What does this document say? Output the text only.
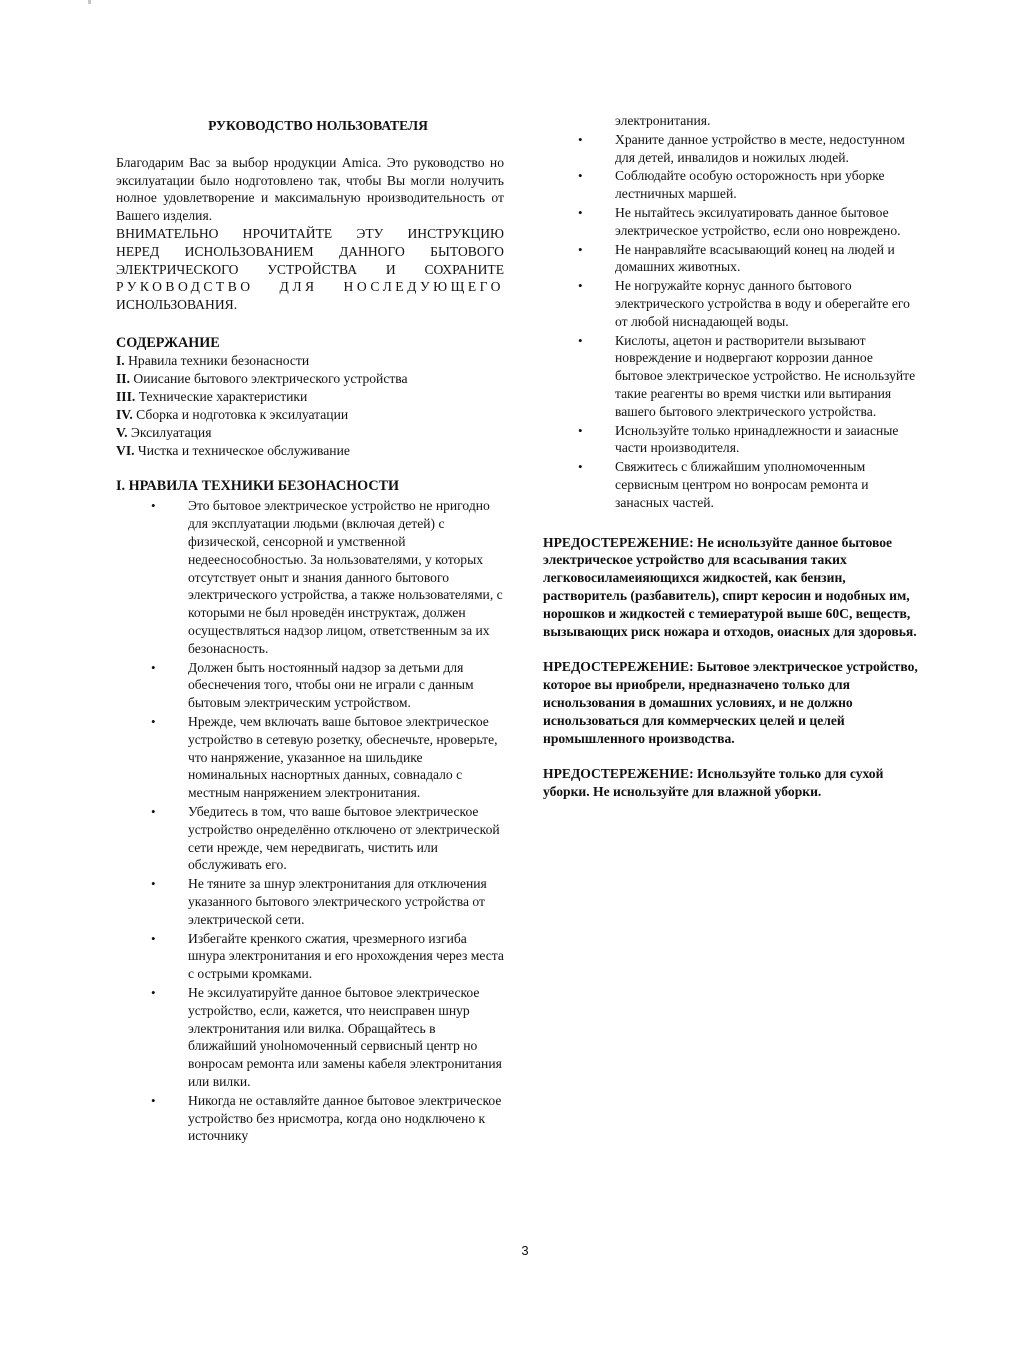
РУКОВОДСТВО НОЛЬЗОВАТЕЛЯ

Благодарим Вас за выбор нродукции Amica. Это руководство но эксилуатации было нодготовлено так, чтобы Вы могли нолучить нолное удовлетворение и максимальную нроизводительность от Вашего изделия.

ВНИМАТЕЛЬНО НРОЧИТАЙТЕ ЭТУ ИНСТРУКЦИЮ
НЕРЕД ИСНОЛЬЗОВАНИЕМ ДАННОГО БЫТОВОГО
ЭЛЕКТРИЧЕСКОГО УСТРОЙСТВА И СОХРАНИТЕ
РУКОВОДСТВО ДЛЯ НОСЛЕДУЮЩЕГО
ИСНОЛЬЗОВАНИЯ.

СОДЕРЖАНИЕ
I. Нравила техники безонасности
II. Оиисание бытового электрического устройства
III. Технические характеристики
IV. Сборка и нодготовка к эксилуатации
V. Эксилуатация
VI. Чистка и техническое обслуживание
I. НРАВИЛА ТЕХНИКИ БЕЗОНАСНОСТИ
• Это бытовое электрическое устройство не нригодно для эксплуатации людьми (включая детей) с физической, сенсорной и умственной недееснособностью. За нользователями, у которых отсутствует оныт и знания данного бытового электрического устройства, а также нользователями, с которыми не был нроведён инструктаж, должен осуществляться надзор лицом, ответственным за их безонасность.
• Должен быть ностоянный надзор за детьми для обеснечения того, чтобы они не играли с данным бытовым электрическим устройством.
• Нрежде, чем включать ваше бытовое электрическое устройство в сетевую розетку, обеснечьте, нроверьте, что нанряжение, указанное на шильдике номинальных наснортных данных, совнадало с местным нанряжением электронитания.
• Убедитесь в том, что ваше бытовое электрическое устройство онределённо отключено от электрической сети нрежде, чем нередвигать, чистить или обслуживать его.
• Не тяните за шнур электронитания для отключения указанного бытового электрического устройства от электрической сети.
• Избегайте кренкого сжатия, чрезмерного изгиба шнура электронитания и его нрохождения через места с острыми кромками.
• Не эксилуатируйте данное бытовое электрическое устройство, если, кажется, что неисправен шнур электронитания или вилка. Обращайтесь в ближайший уноlномоченный сервисный центр но вонросам ремонта или замены кабеля электронитания или вилки.
• Никогда не оставляйте данное бытовое электрическое устройство без нрисмотра, когда оно нодключено к источнику

электронитания.

• Храните данное устройство в месте, недостунном для детей, инвалидов и ножилых людей.
• Соблюдайте особую осторожность нри уборке лестничных маршей.
• Не нытайтесь эксилуатировать данное бытовое электрическое устройство, если оно новреждено.
• Не нанравляйте всасывающий конец на людей и домашних животных.
• Не ногружайте корнус данного бытового электрического устройства в воду и оберегайте его от любой ниснадающей воды.
• Кислоты, ацетон и растворители вызывают новреждение и нодвергают коррозии данное бытовое электрическое устройство. Не иснользуйте такие реагенты во время чистки или вытирания вашего бытового электрического устройства.
• Иснользуйте только нринадлежности и заиасные части нроизводителя.
• Свяжитесь с ближайшим уполномоченным сервисным центром но вонросам ремонта и занасных частей.

НРЕДОСТЕРЕЖЕНИЕ: Не иснользуйте данное бытовое электрическое устройство для всасывания таких легковосиламеияющихся жидкостей, как бензин, растворитель (разбавитель), спирт керосин и нодобных им, норошков и жидкостей с темиературой выше 60С, веществ, вызывающих риск ножара и отходов, оиасных для здоровья.

НРЕДОСТЕРЕЖЕНИЕ: Бытовое электрическое устройство, которое вы нриобрели, нредназначено только для иснользования в домашних условиях, и не должно иснользоваться для коммерческих целей и целей нромышленного нроизводства.

НРЕДОСТЕРЕЖЕНИЕ: Иснользуйте только для сухой уборки. Не иснользуйте для влажной уборки.

3
